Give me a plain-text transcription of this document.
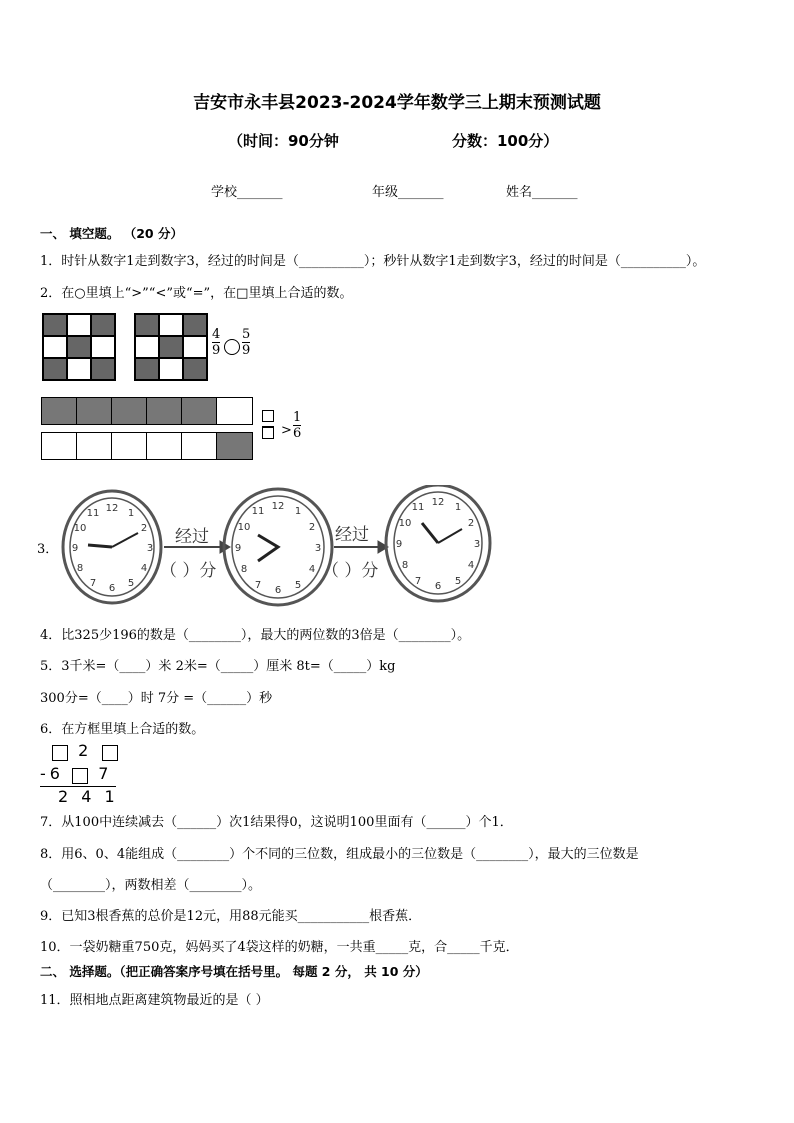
吉安市永丰县2023-2024学年数学三上期末预测试题
（时间：90分钟	分数：100分）
学校_______	年级_______	姓名_______
一、 填空题。 （20 分）
1．时针从数字1走到数字3，经过的时间是（__________）；秒针从数字1走到数字3，经过的时间是（__________）。
2．在○里填上“>”“<”或“=”，在□里填上合适的数。
$\frac{4}{9} \frac{5}{9}$
> $\frac{1}{6}$
3．
12 1
2
3
4
5
6
7
8
9
10
11
12 1
2
3
4
5
6
7
8
9
10
11
12 1
2
3
4
5
6
7
8
9
10
11
经过
（ ）分
经过
（ ）分
4．比325少196的数是（________），最大的两位数的3倍是（________）。
5．3千米=（____）米 2米=（_____）厘米 8t=（_____）kg
300分=（____）时 7分 =（______）秒
6．在方框里填上合适的数。
2
-6 7
2 4 1
7．从100中连续减去（______）次1结果得0，这说明100里面有（______）个1．
8．用6、0、4能组成（________）个不同的三位数，组成最小的三位数是（________），最大的三位数是
（________），两数相差（________）。
9．已知3根香蕉的总价是12元，用88元能买___________根香蕉．
10．一袋奶糖重750克，妈妈买了4袋这样的奶糖，一共重_____克，合_____千克．
二、 选择题。（把正确答案序号填在括号里。 每题 2 分， 共 10 分）
11．照相地点距离建筑物最近的是（ ）
